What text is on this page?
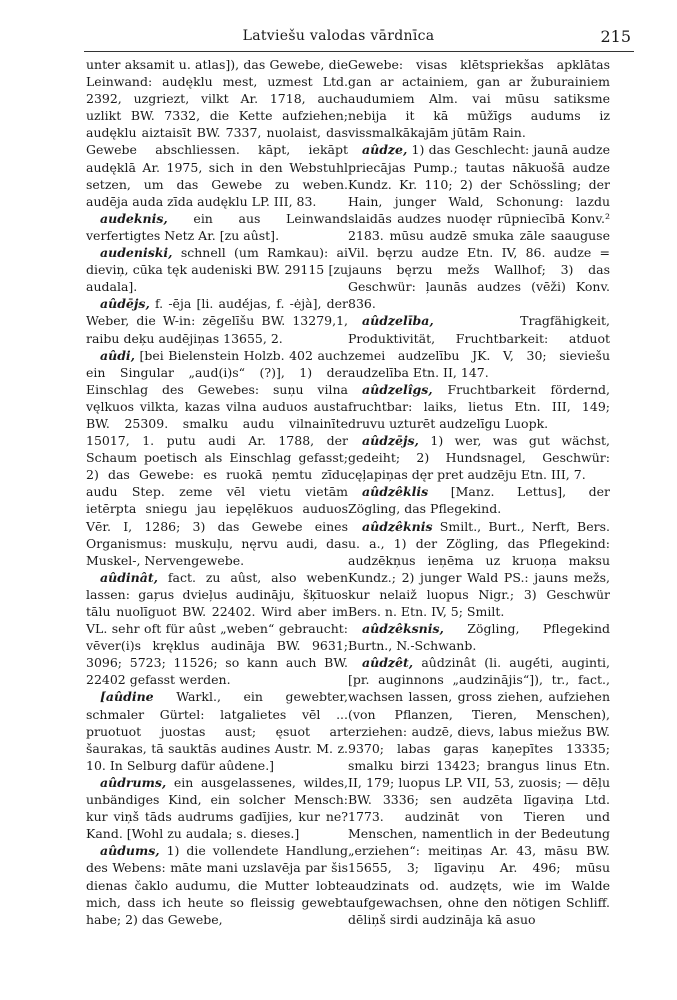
Latviešu valodas vārdnīca	215

unter aksamit u. atlas]), das Gewebe, die Leinwand: audęklu mest, uzmest Ltd. 2392, uzgriezt, vilkt Ar. 1718, auch uzlikt BW. 7332, die Kette aufziehen; audęklu aiztaisīt BW. 7337, nuolaist, das Gewebe abschliessen. kāpt, iekāpt audęklā Ar. 1975, sich in den Webstuhl setzen, um das Gewebe zu weben. audēja auda zīda audęklu LP. III, 83.

audeknis, ein aus Leinwand verfertigtes Netz Ar. [zu aûst].

audeniski, schnell (um Ramkau): ai dieviņ, cūka tęk audeniski BW. 29115 [zu audala].

aûdējs, f. -ēja [li. audė́jas, f. -ėjà], der Weber, die W-in: zēgelīšu BW. 13279,1, raibu deķu audējiņas 13655, 2.

aûdi, [bei Bielenstein Holzb. 402 auch ein Singular „aud(i)s“ (?)], 1) der Einschlag des Gewebes: suņu vilna vęlkuos vilkta, kazas vilna auduos austa BW. 25309. smalku audu vilnainīte 15017, 1. putu audi Ar. 1788, der Schaum poetisch als Einschlag gefasst; 2) das Gewebe: es ruokā ņemtu zīdu audu Step. zeme vēl vietu vietām ietērpta sniegu jau iepęlēkuos auduos Vēr. I, 1286; 3) das Gewebe eines Organismus: muskuļu, nęrvu audi, das Muskel-, Nervengewebe.

aûdinât, fact. zu aûst, also weben lassen: gaŗus dvieļus audināju, šķītuos tālu nuolīguot BW. 22402. Wird aber im VL. sehr oft für aûst „weben“ gebraucht: vēver(i)s kręklus audināja BW. 9631; 3096; 5723; 11526; so kann auch BW. 22402 gefasst werden.

[aûdine Warkl., ein gewebter, schmaler Gürtel: latgalietes vēl ... pruotuot juostas aust; ęsuot art šaurakas, tā sauktās audines Austr. M. z. 10. In Selburg dafür aûdene.]

aûdrums, ein ausgelassenes, wildes, unbändiges Kind, ein solcher Mensch: kur viņš tāds audrums gadījies, kur ne? Kand. [Wohl zu audala; s. dieses.]

aûdums, 1) die vollendete Handlung des Webens: māte mani uzslavēja par šis dienas čaklo audumu, die Mutter lobte mich, dass ich heute so fleissig gewebt habe; 2) das Gewebe,

Gewebe: visas klētspriekšas apklātas gan ar actainiem, gan ar žuburainiem audumiem Alm. vai mūsu satiksme nebija it kā mūžīgs audums iz vissmalkākajām jūtām Rain.

aûdze, 1) das Geschlecht: jaunā audze priecājas Pump.; tautas nākuošā audze Kundz. Kr. 110; 2) der Schössling; der Hain, junger Wald, Schonung: lazdu slaidās audzes nuodęr rūpniecībā Konv.² 2183. mūsu audzē smuka zāle saauguse Vil. bęrzu audze Etn. IV, 86. audze = jauns bęrzu mežs Wallhof; 3) das Geschwür: ļaunās audzes (vēži) Konv. 836.

aûdzelība, Tragfähigkeit, Produktivität, Fruchtbarkeit: atduot zemei audzelību JK. V, 30; sieviešu audzelība Etn. II, 147.

aûdzelîgs, Fruchtbarkeit fördernd, fruchtbar: laiks, lietus Etn. III, 149; druvu uzturēt audzelīgu Luopk.

aûdzējs, 1) wer, was gut wächst, gedeiht; 2) Hundsnagel, Geschwür: cęļapiņas dęr pret audzēju Etn. III, 7.

aûdzêklis [Manz. Lettus], der Zögling, das Pflegekind.

aûdzêknis Smilt., Burt., Nerft, Bers. u. a., 1) der Zögling, das Pflegekind: audzēkņus ieņēma uz kruoņa maksu Kundz.; 2) junger Wald PS.: jauns mežs, kur nelaiž luopus Nigr.; 3) Geschwür Bers. n. Etn. IV, 5; Smilt.

aûdzêksnis, Zögling, Pflegekind Burtn., N.-Schwanb.

aûdzêt, aûdzinât (li. augė́ti, auginti, [pr. auginnons „audzinājis“]), tr., fact., wachsen lassen, gross ziehen, aufziehen (von Pflanzen, Tieren, Menschen), erziehen: audzē, dievs, labus miežus BW. 9370; labas gaŗas kaņepītes 13335; smalku birzi 13423; brangus linus Etn. II, 179; luopus LP. VII, 53, zuosis; — dēļu BW. 3336; sen audzēta līgaviņa Ltd. 1773. audzināt von Tieren und Menschen, namentlich in der Bedeutung „erziehen“: meitiņas Ar. 43, māsu BW. 15655, 3; līgaviņu Ar. 496; mūsu audzinats od. audzęts, wie im Walde aufgewachsen, ohne den nötigen Schliff. dēliņš sirdi audzināja kā asuo
